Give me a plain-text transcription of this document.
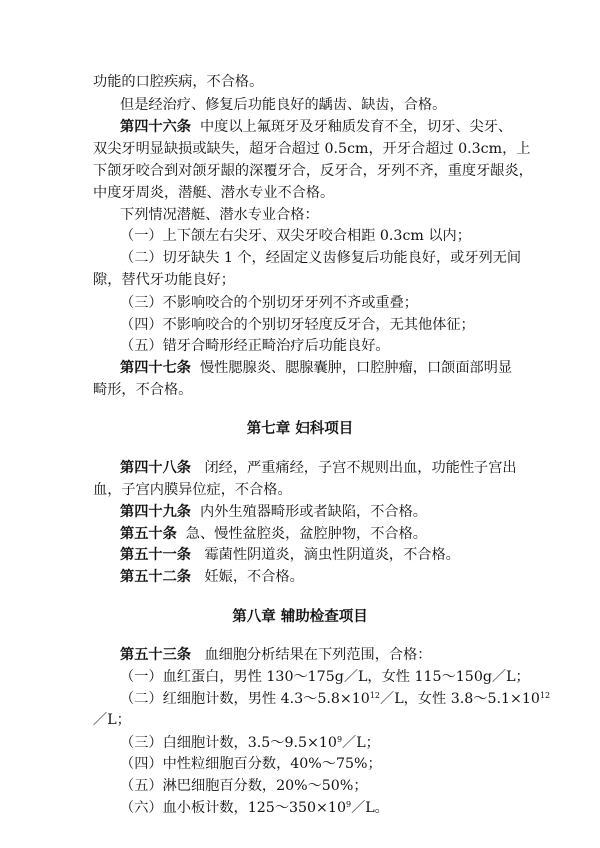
功能的口腔疾病，不合格。
但是经治疗、修复后功能良好的龋齿、缺齿，合格。
第四十六条 中度以上氟斑牙及牙釉质发育不全，切牙、尖牙、
双尖牙明显缺损或缺失，超牙合超过 0.5cm，开牙合超过 0.3cm，上
下颌牙咬合到对颌牙龈的深覆牙合，反牙合，牙列不齐，重度牙龈炎，
中度牙周炎，潜艇、潜水专业不合格。
下列情况潜艇、潜水专业合格：
（一）上下颌左右尖牙、双尖牙咬合相距 0.3cm 以内；
（二）切牙缺失 1 个，经固定义齿修复后功能良好，或牙列无间
隙，替代牙功能良好；
（三）不影响咬合的个别切牙牙列不齐或重叠；
（四）不影响咬合的个别切牙轻度反牙合，无其他体征；
（五）错牙合畸形经正畸治疗后功能良好。
第四十七条 慢性腮腺炎、腮腺囊肿，口腔肿瘤，口颌面部明显
畸形，不合格。
第七章 妇科项目
第四十八条 闭经，严重痛经，子宫不规则出血，功能性子宫出
血，子宫内膜异位症，不合格。
第四十九条 内外生殖器畸形或者缺陷，不合格。
第五十条 急、慢性盆腔炎，盆腔肿物，不合格。
第五十一条 霉菌性阴道炎，滴虫性阴道炎，不合格。
第五十二条 妊娠，不合格。
第八章 辅助检查项目
第五十三条 血细胞分析结果在下列范围，合格：
（一）血红蛋白，男性 130～175g／L，女性 115～150g／L；
（二）红细胞计数，男性 $4.3\sim 5.8\times 10^{12}/L$，女性 $3.8\sim 5.1\times 10^{12}$
／L；
（三）白细胞计数，$3.5\sim 9.5\times 10^9/L$；
（四）中性粒细胞百分数，40%～75%；
（五）淋巴细胞百分数，20%～50%；
（六）血小板计数，$125\sim 350\times 10^9/L$。
